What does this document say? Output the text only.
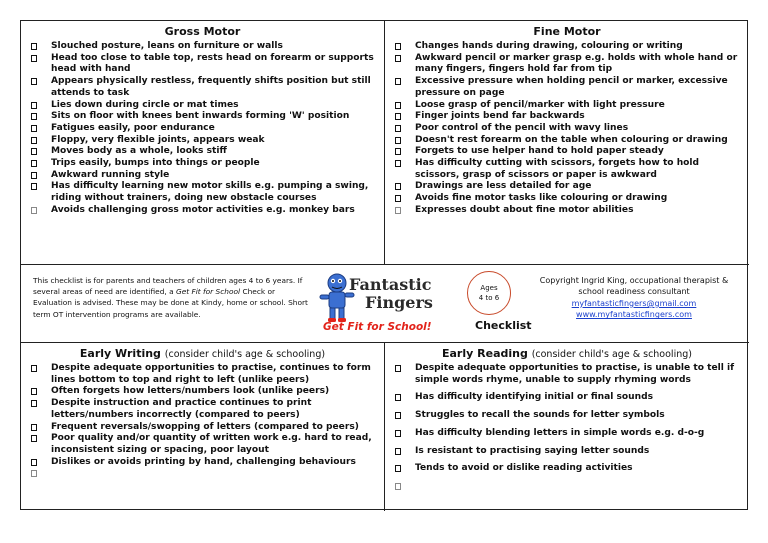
Gross Motor
Slouched posture, leans on furniture or walls
Head too close to table top, rests head on forearm or supports head with hand
Appears physically restless, frequently shifts position but still attends to task
Lies down during circle or mat times
Sits on floor with knees bent inwards forming 'W' position
Fatigues easily, poor endurance
Floppy, very flexible joints, appears weak
Moves body as a whole, looks stiff
Trips easily, bumps into things or people
Awkward running style
Has difficulty learning new motor skills e.g. pumping a swing, riding without trainers, doing new obstacle courses
Avoids challenging gross motor activities e.g. monkey bars
Fine Motor
Changes hands during drawing, colouring or writing
Awkward pencil or marker grasp e.g. holds with whole hand or many fingers, fingers hold far from tip
Excessive pressure when holding pencil or marker, excessive pressure on page
Loose grasp of pencil/marker with light pressure
Finger joints bend far backwards
Poor control of the pencil with wavy lines
Doesn't rest forearm on the table when colouring or drawing
Forgets to use helper hand to hold paper steady
Has difficulty cutting with scissors, forgets how to hold scissors, grasp of scissors or paper is awkward
Drawings are less detailed for age
Avoids fine motor tasks like colouring or drawing
Expresses doubt about fine motor abilities
This checklist is for parents and teachers of children ages 4 to 6 years. If several areas of need are identified, a Get Fit for School Check or Evaluation is advised. These may be done at Kindy, home or school. Short term OT intervention programs are available.
Fantastic
Fingers
Get Fit for School!
Ages
4 to 6
Checklist
Copyright Ingrid King, occupational therapist & school readiness consultant
myfantasticfingers@gmail.com
www.myfantasticfingers.com
Early Writing (consider child's age & schooling)
Despite adequate opportunities to practise, continues to form lines bottom to top and right to left (unlike peers)
Often forgets how letters/numbers look (unlike peers)
Despite instruction and practice continues to print letters/numbers incorrectly (compared to peers)
Frequent reversals/swopping of letters (compared to peers)
Poor quality and/or quantity of written work e.g. hard to read, inconsistent sizing or spacing, poor layout
Dislikes or avoids printing by hand, challenging behaviours
Early Reading (consider child's age & schooling)
Despite adequate opportunities to practise, is unable to tell if simple words rhyme, unable to supply rhyming words
Has difficulty identifying initial or final sounds
Struggles to recall the sounds for letter symbols
Has difficulty blending letters in simple words e.g. d-o-g
Is resistant to practising saying letter sounds
Tends to avoid or dislike reading activities
